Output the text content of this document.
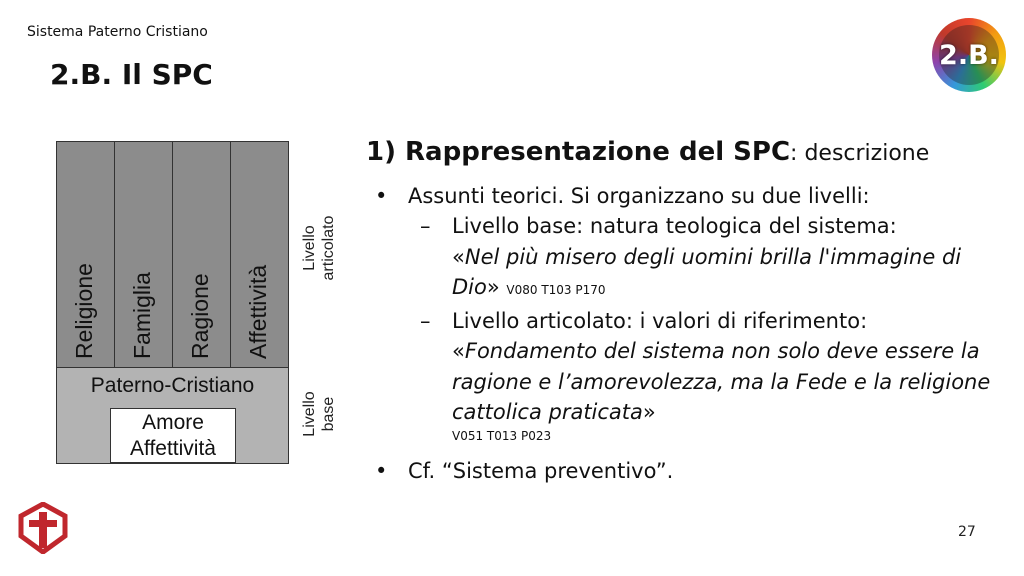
Sistema Paterno Cristiano
2.B. Il SPC
2.B.
Religione Famiglia Ragione Affettività
Paterno-Cristiano
Amore
Affettività
Livello articolato
Livello base
1) Rappresentazione del SPC: descrizione
• Assunti teorici. Si organizzano su due livelli:
– Livello base: natura teologica del sistema:
«Nel più misero degli uomini brilla l'immagine di Dio» V080 T103 P170
– Livello articolato: i valori di riferimento:
«Fondamento del sistema non solo deve essere la ragione e l’amorevolezza, ma la Fede e la religione cattolica praticata»
V051 T013 P023
• Cf. “Sistema preventivo”.
27
